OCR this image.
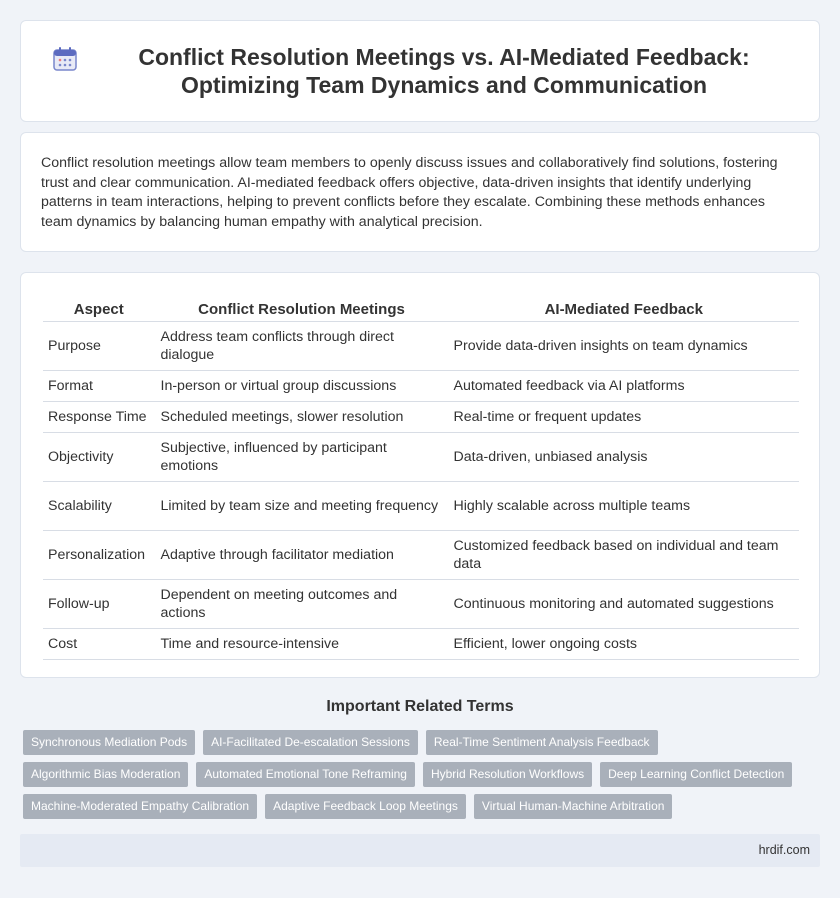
Conflict Resolution Meetings vs. AI-Mediated Feedback: Optimizing Team Dynamics and Communication

Conflict resolution meetings allow team members to openly discuss issues and collaboratively find solutions, fostering trust and clear communication. AI-mediated feedback offers objective, data-driven insights that identify underlying patterns in team interactions, helping to prevent conflicts before they escalate. Combining these methods enhances team dynamics by balancing human empathy with analytical precision.

Aspect	Conflict Resolution Meetings	AI-Mediated Feedback
Purpose	Address team conflicts through direct dialogue	Provide data-driven insights on team dynamics
Format	In-person or virtual group discussions	Automated feedback via AI platforms
Response Time	Scheduled meetings, slower resolution	Real-time or frequent updates
Objectivity	Subjective, influenced by participant emotions	Data-driven, unbiased analysis
Scalability	Limited by team size and meeting frequency	Highly scalable across multiple teams
Personalization	Adaptive through facilitator mediation	Customized feedback based on individual and team data
Follow-up	Dependent on meeting outcomes and actions	Continuous monitoring and automated suggestions
Cost	Time and resource-intensive	Efficient, lower ongoing costs
Important Related Terms
Synchronous Mediation Pods	AI-Facilitated De-escalation Sessions	Real-Time Sentiment Analysis Feedback
Algorithmic Bias Moderation	Automated Emotional Tone Reframing	Hybrid Resolution Workflows	Deep Learning Conflict Detection
Machine-Moderated Empathy Calibration	Adaptive Feedback Loop Meetings	Virtual Human-Machine Arbitration
hrdif.com
